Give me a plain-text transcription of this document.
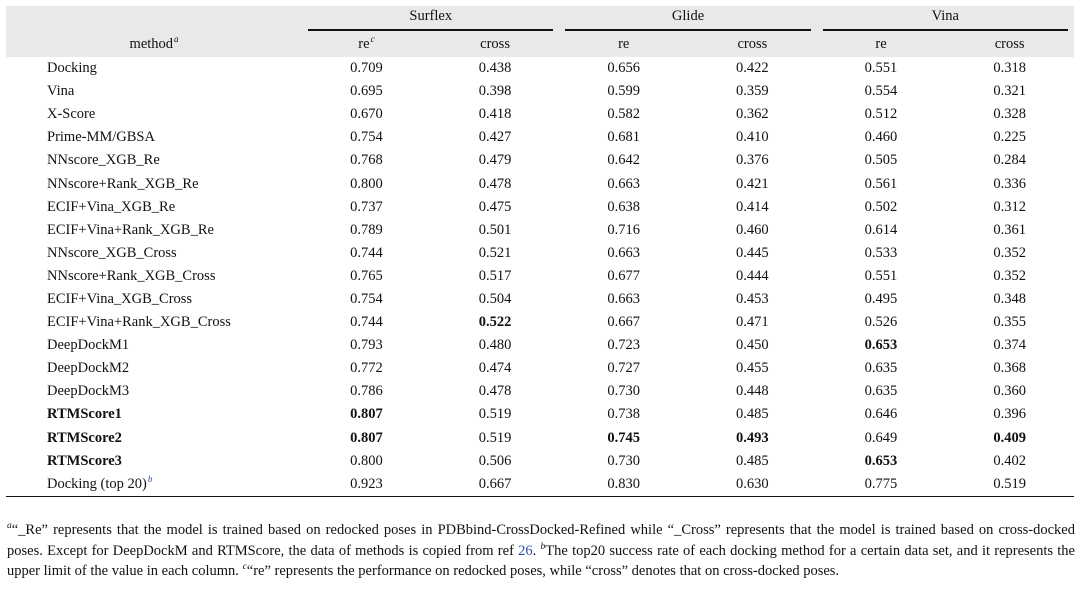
	Surflex		Glide		Vina	

method$^a$	re$^c$	cross	re	cross	re	cross
Docking	0.709	0.438	0.656	0.422	0.551	0.318
Vina	0.695	0.398	0.599	0.359	0.554	0.321
X-Score	0.670	0.418	0.582	0.362	0.512	0.328
Prime-MM/GBSA	0.754	0.427	0.681	0.410	0.460	0.225
NNscore_XGB_Re	0.768	0.479	0.642	0.376	0.505	0.284
NNscore+Rank_XGB_Re	0.800	0.478	0.663	0.421	0.561	0.336
ECIF+Vina_XGB_Re	0.737	0.475	0.638	0.414	0.502	0.312
ECIF+Vina+Rank_XGB_Re	0.789	0.501	0.716	0.460	0.614	0.361
NNscore_XGB_Cross	0.744	0.521	0.663	0.445	0.533	0.352
NNscore+Rank_XGB_Cross	0.765	0.517	0.677	0.444	0.551	0.352
ECIF+Vina_XGB_Cross	0.754	0.504	0.663	0.453	0.495	0.348
ECIF+Vina+Rank_XGB_Cross	0.744	0.522	0.667	0.471	0.526	0.355
DeepDockM1	0.793	0.480	0.723	0.450	0.653	0.374
DeepDockM2	0.772	0.474	0.727	0.455	0.635	0.368
DeepDockM3	0.786	0.478	0.730	0.448	0.635	0.360
RTMScore1	0.807	0.519	0.738	0.485	0.646	0.396
RTMScore2	0.807	0.519	0.745	0.493	0.649	0.409
RTMScore3	0.800	0.506	0.730	0.485	0.653	0.402
Docking (top 20)$^b$	0.923	0.667	0.830	0.630	0.775	0.519
$^a$“_Re” represents that the model is trained based on redocked poses in PDBbind-CrossDocked-Refined while “_Cross” represents that the model is trained based on cross-docked poses. Except for DeepDockM and RTMScore, the data of methods is copied from ref 26. $^b$The top20 success rate of each docking method for a certain data set, and it represents the upper limit of the value in each column. $^c$“re” represents the performance on redocked poses, while “cross” denotes that on cross-docked poses.
